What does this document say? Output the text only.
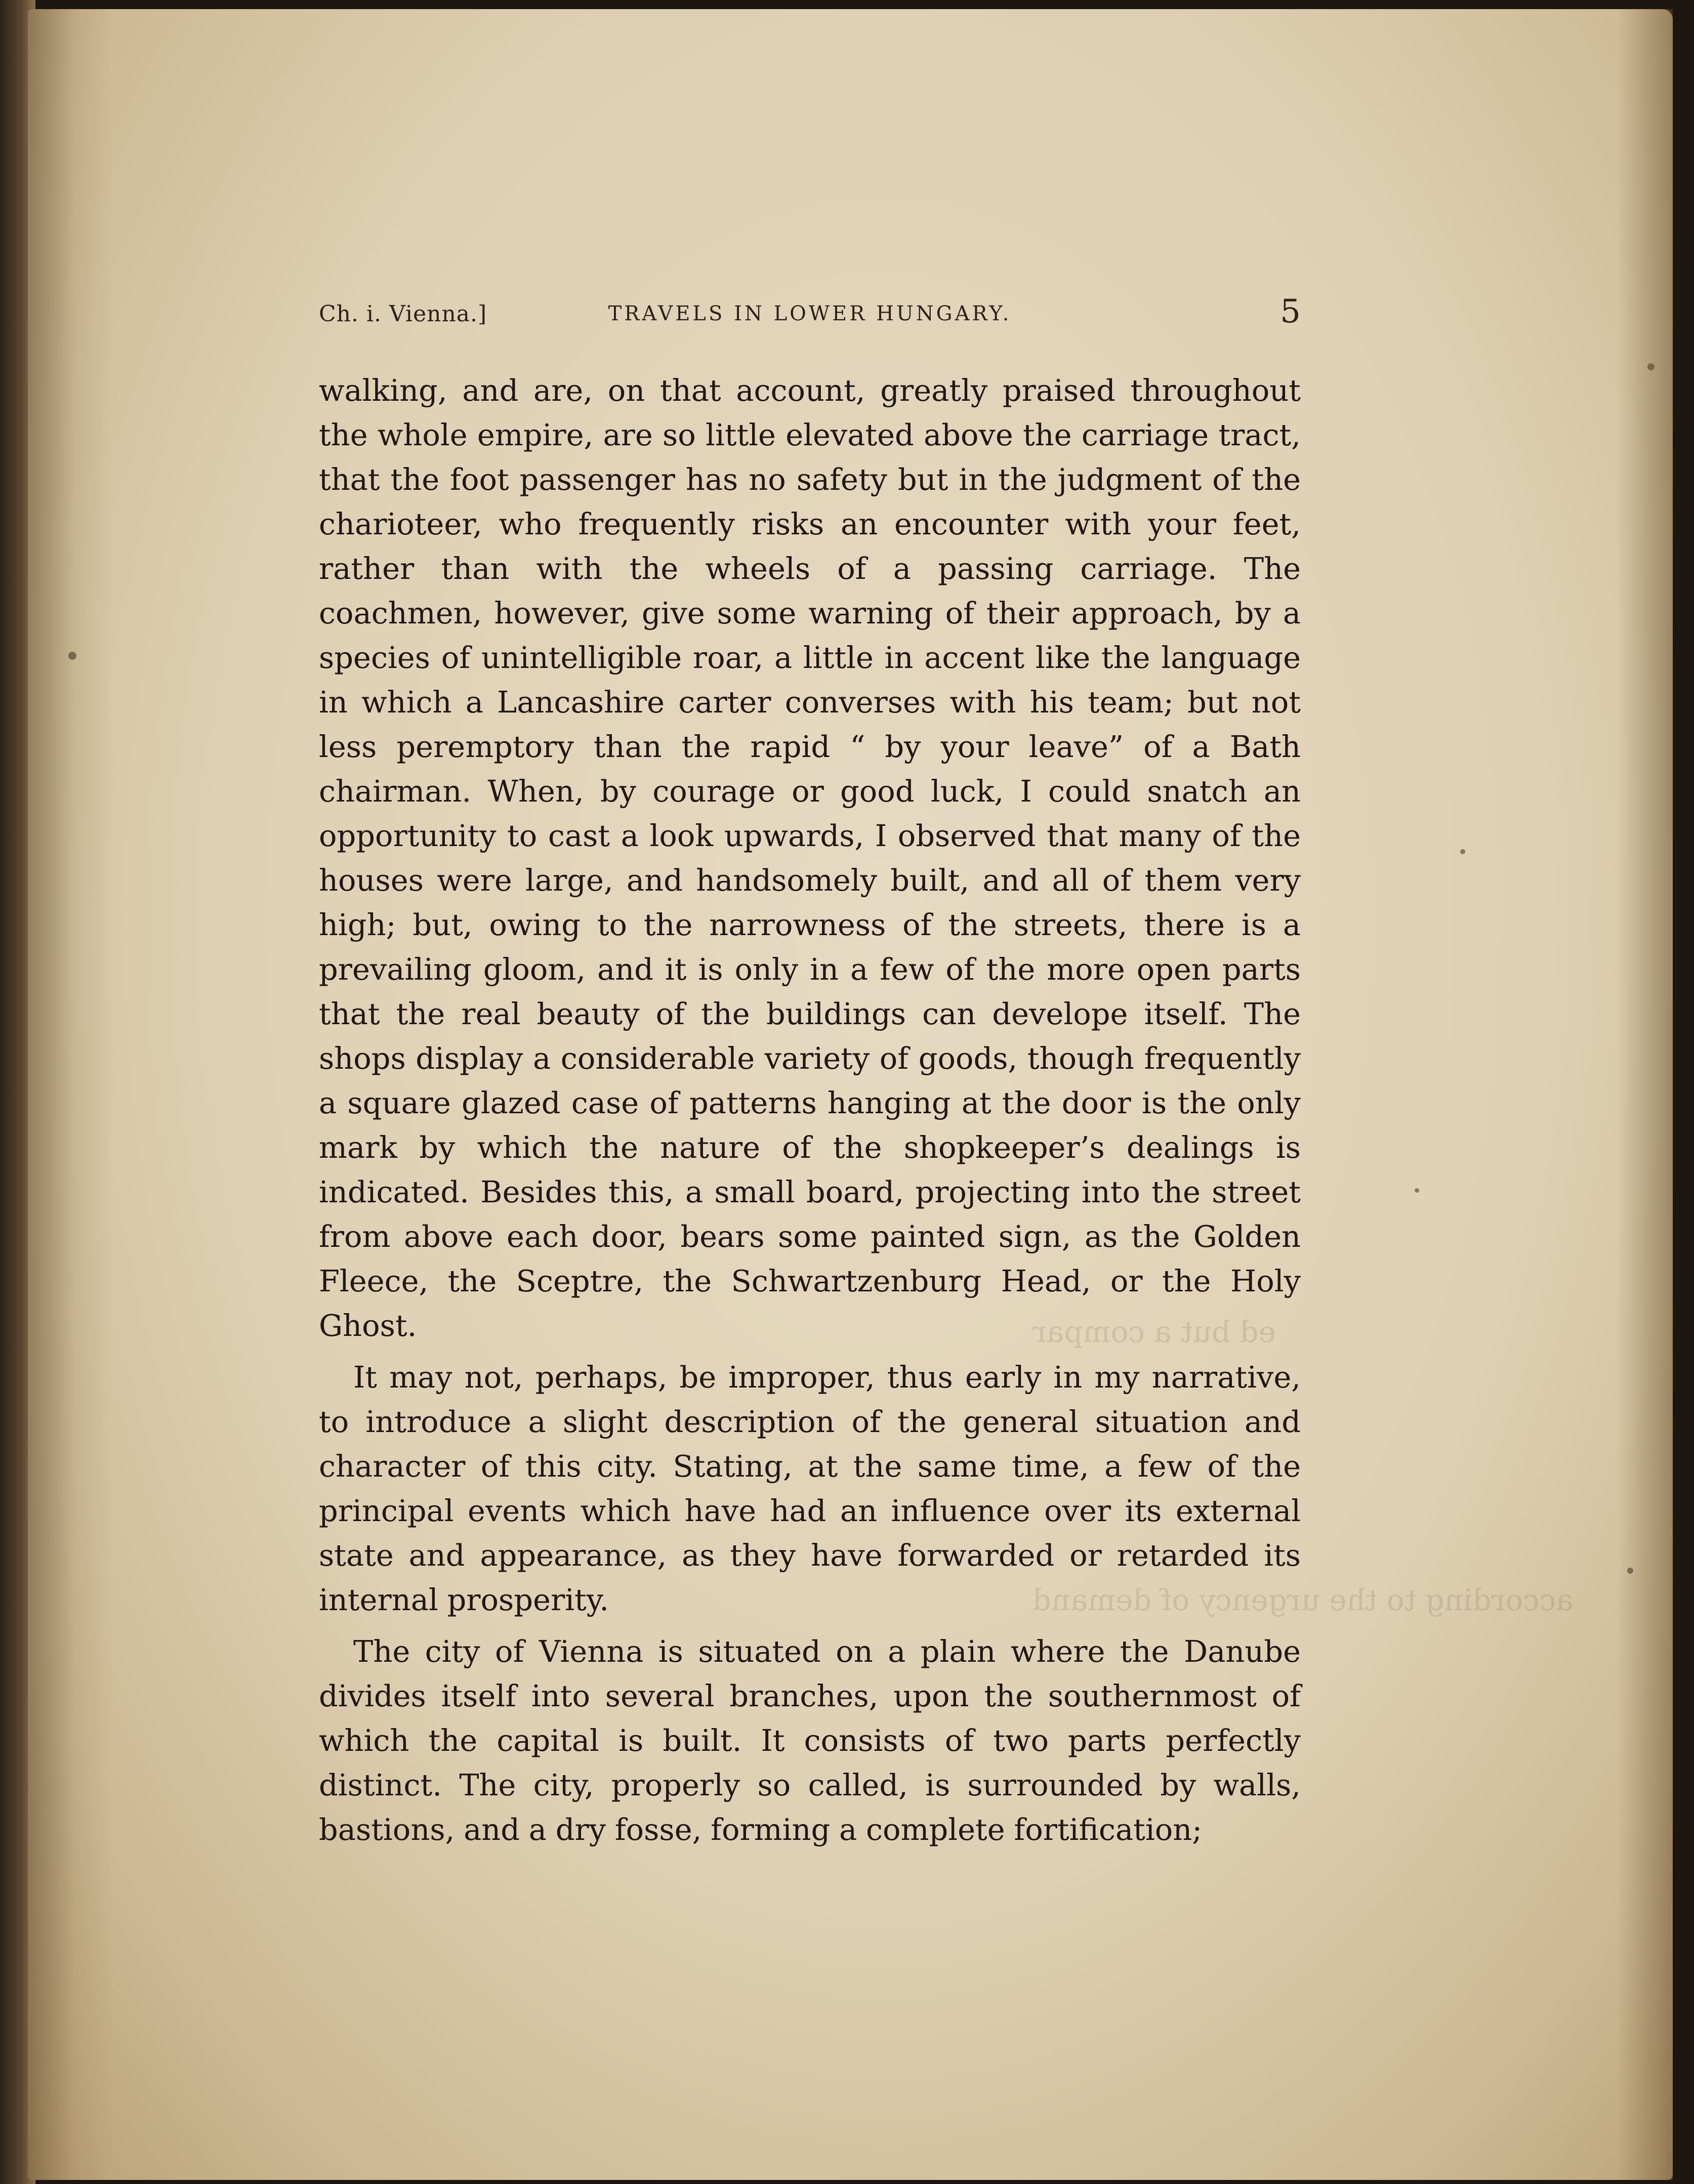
ed but a compar
according to the urgency of demand
Ch. i. Vienna.]	TRAVELS IN LOWER HUNGARY.	5

walking, and are, on that account, greatly praised throughout the whole empire, are so little elevated above the carriage tract, that the foot passenger has no safety but in the judgment of the charioteer, who frequently risks an encounter with your feet, rather than with the wheels of a passing carriage. The coachmen, however, give some warning of their approach, by a species of unintelligible roar, a little in accent like the language in which a Lancashire carter converses with his team; but not less peremptory than the rapid “ by your leave” of a Bath chairman. When, by courage or good luck, I could snatch an opportunity to cast a look upwards, I observed that many of the houses were large, and handsomely built, and all of them very high; but, owing to the narrowness of the streets, there is a prevailing gloom, and it is only in a few of the more open parts that the real beauty of the buildings can develope itself. The shops display a considerable variety of goods, though frequently a square glazed case of patterns hanging at the door is the only mark by which the nature of the shopkeeper’s dealings is indicated. Besides this, a small board, projecting into the street from above each door, bears some painted sign, as the Golden Fleece, the Sceptre, the Schwartzenburg Head, or the Holy Ghost.

It may not, perhaps, be improper, thus early in my narrative, to introduce a slight description of the general situation and character of this city. Stating, at the same time, a few of the principal events which have had an influence over its external state and appearance, as they have forwarded or retarded its internal prosperity.

The city of Vienna is situated on a plain where the Danube divides itself into several branches, upon the southernmost of which the capital is built. It consists of two parts perfectly distinct. The city, properly so called, is surrounded by walls, bastions, and a dry fosse, forming a complete fortification;
